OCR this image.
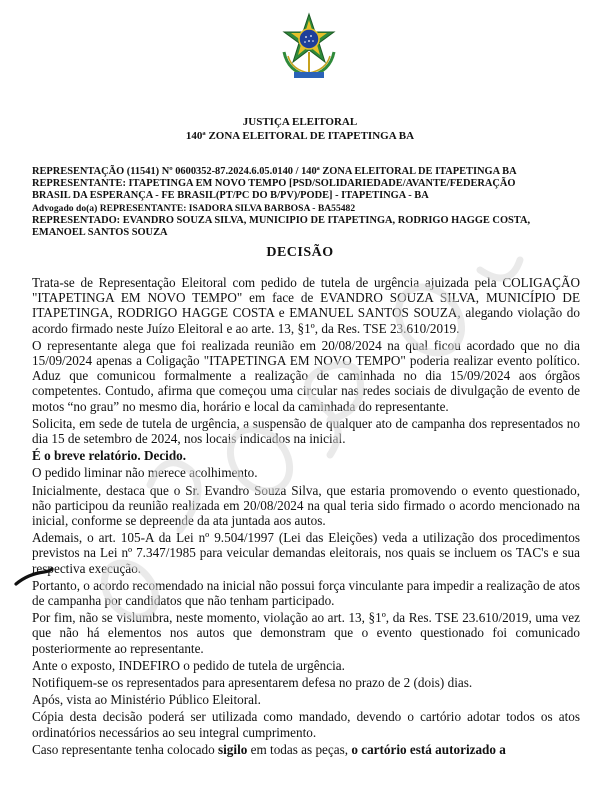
JUSTIÇA ELEITORAL
140ª ZONA ELEITORAL DE ITAPETINGA BA
REPRESENTAÇÃO (11541) Nº 0600352-87.2024.6.05.0140 / 140ª ZONA ELEITORAL DE ITAPETINGA BA
REPRESENTANTE: ITAPETINGA EM NOVO TEMPO [PSD/SOLIDARIEDADE/AVANTE/FEDERAÇÃO
BRASIL DA ESPERANÇA - FE BRASIL(PT/PC DO B/PV)/PODE] - ITAPETINGA - BA
Advogado do(a) REPRESENTANTE: ISADORA SILVA BARBOSA - BA55482
REPRESENTADO: EVANDRO SOUZA SILVA, MUNICIPIO DE ITAPETINGA, RODRIGO HAGGE COSTA,
EMANOEL SANTOS SOUZA
DECISÃO

Trata-se de Representação Eleitoral com pedido de tutela de urgência ajuizada pela COLIGAÇÃO "ITAPETINGA EM NOVO TEMPO" em face de EVANDRO SOUZA SILVA, MUNICÍPIO DE ITAPETINGA, RODRIGO HAGGE COSTA e EMANUEL SANTOS SOUZA, alegando violação do acordo firmado neste Juízo Eleitoral e ao arte. 13, §1º, da Res. TSE 23.610/2019.

O representante alega que foi realizada reunião em 20/08/2024 na qual ficou acordado que no dia 15/09/2024 apenas a Coligação "ITAPETINGA EM NOVO TEMPO" poderia realizar evento político. Aduz que comunicou formalmente a realização de caminhada no dia 15/09/2024 aos órgãos competentes. Contudo, afirma que começou uma circular nas redes sociais de divulgação de evento de motos “no grau” no mesmo dia, horário e local da caminhada do representante.

Solicita, em sede de tutela de urgência, a suspensão de qualquer ato de campanha dos representados no dia 15 de setembro de 2024, nos locais indicados na inicial.

É o breve relatório. Decido.

O pedido liminar não merece acolhimento.

Inicialmente, destaca que o Sr. Evandro Souza Silva, que estaria promovendo o evento questionado, não participou da reunião realizada em 20/08/2024 na qual teria sido firmado o acordo mencionado na inicial, conforme se depreende da ata juntada aos autos.

Ademais, o art. 105-A da Lei nº 9.504/1997 (Lei das Eleições) veda a utilização dos procedimentos previstos na Lei nº 7.347/1985 para veicular demandas eleitorais, nos quais se incluem os TAC's e sua respectiva execução.

Portanto, o acordo recomendado na inicial não possui força vinculante para impedir a realização de atos de campanha por candidatos que não tenham participado.

Por fim, não se vislumbra, neste momento, violação ao art. 13, §1º, da Res. TSE 23.610/2019, uma vez que não há elementos nos autos que demonstram que o evento questionado foi comunicado posteriormente ao representante.

Ante o exposto, INDEFIRO o pedido de tutela de urgência.

Notifiquem-se os representados para apresentarem defesa no prazo de 2 (dois) dias.

Após, vista ao Ministério Público Eleitoral.

Cópia desta decisão poderá ser utilizada como mandado, devendo o cartório adotar todos os atos ordinatórios necessários ao seu integral cumprimento.

Caso representante tenha colocado sigilo em todas as peças, o cartório está autorizado a
